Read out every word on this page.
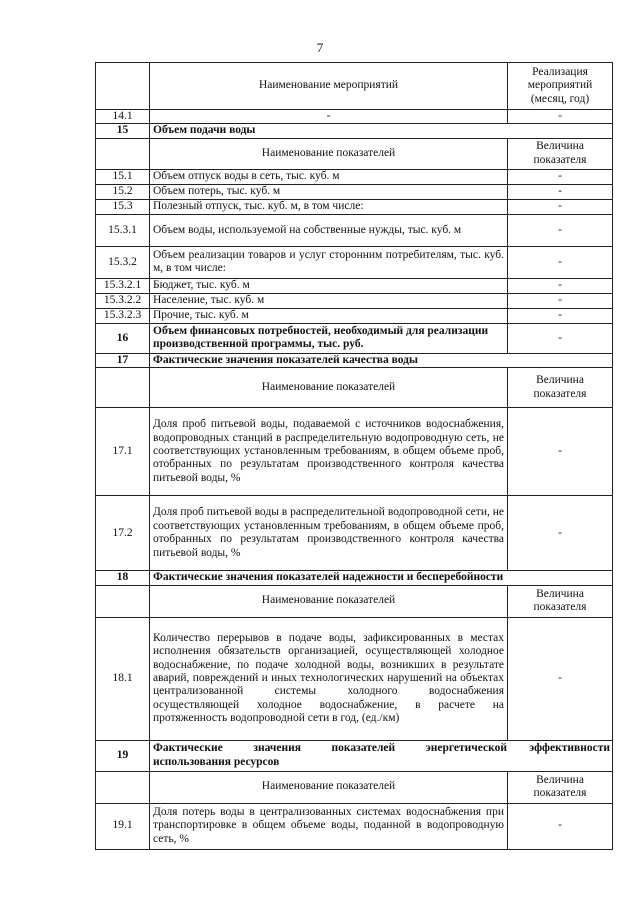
7
	Наименование мероприятий	Реализация мероприятий (месяц, год)
14.1	-	-
15	Объем подачи воды	
	Наименование показателей	Величина показателя
15.1	Объем отпуск воды в сеть, тыс. куб. м	-
15.2	Объем потерь, тыс. куб. м	-
15.3	Полезный отпуск, тыс. куб. м, в том числе:	-
15.3.1	Объем воды, используемой на собственные нужды, тыс. куб. м	-
15.3.2	Объем реализации товаров и услуг сторонним потребителям, тыс. куб. м, в том числе:	-
15.3.2.1	Бюджет, тыс. куб. м	-
15.3.2.2	Население, тыс. куб. м	-
15.3.2.3	Прочие, тыс. куб. м	-
16	Объем финансовых потребностей, необходимый для реализации производственной программы, тыс. руб.	-
17	Фактические значения показателей качества воды	
	Наименование показателей	Величина показателя
17.1	Доля проб питьевой воды, подаваемой с источников водоснабжения, водопроводных станций в распределительную водопроводную сеть, не соответствующих установленным требованиям, в общем объеме проб, отобранных по результатам производственного контроля качества питьевой воды, %	-
17.2	Доля проб питьевой воды в распределительной водопроводной сети, не соответствующих установленным требованиям, в общем объеме проб, отобранных по результатам производственного контроля качества питьевой воды, %	-
18	Фактические значения показателей надежности и бесперебойности	
	Наименование показателей	Величина показателя
18.1	Количество перерывов в подаче воды, зафиксированных в местах исполнения обязательств организацией, осуществляющей холодное водоснабжение, по подаче холодной воды, возникших в результате аварий, повреждений и иных технологических нарушений на объектах централизованной системы холодного водоснабжения осуществляющей холодное водоснабжение, в расчете на протяженность водопроводной сети в год, (ед./км)	-
19	Фактические значения показателей энергетической эффективности
использования ресурсов	

	Наименование показателей	Величина показателя
19.1	Доля потерь воды в централизованных системах водоснабжения при транспортировке в общем объеме воды, поданной в водопроводную сеть, %	-
